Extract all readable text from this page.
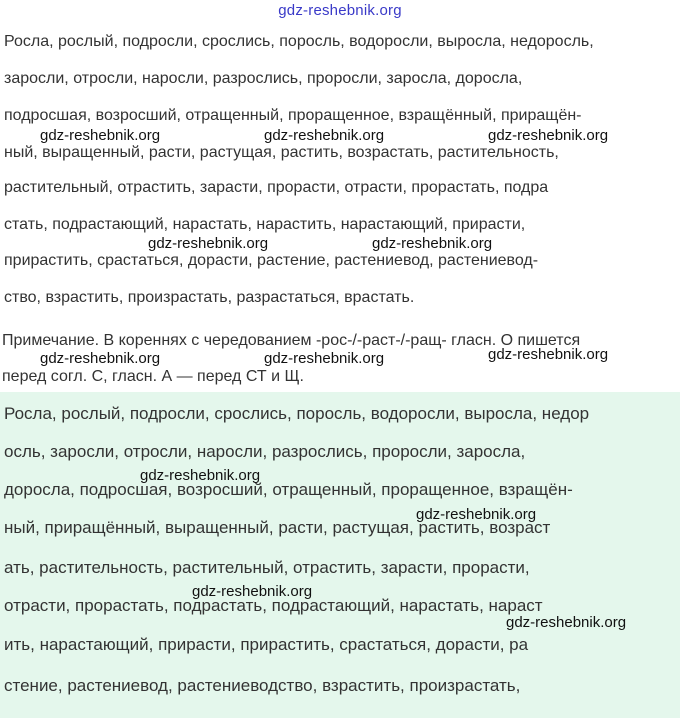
gdz-reshebnik.org
Росла, рослый, подросли, срослись, поросль, водоросли, выросла, недоросль,
заросли, отросли, наросли, разрослись, проросли, заросла, доросла,
подросшая, возросший, отращенный, проращенное, взращённый, приращён-
ный, выращенный, расти, растущая, растить, возрастать, растительность,
растительный, отрастить, зарасти, прорасти, отрасти, прорастать, подра
стать, подрастающий, нарастать, нарастить, нарастающий, прирасти,
прирастить, срастаться, дорасти, растение, растениевод, растениевод-
ство, взрастить, произрастать, разрастаться, врастать.
gdz-reshebnik.org	gdz-reshebnik.org	gdz-reshebnik.org
gdz-reshebnik.org	gdz-reshebnik.org
Примечание. В кореннях с чередованием -рос-/-раст-/-ращ- гласн. О пишется
перед согл. С, гласн. А — перед СТ и Щ.
gdz-reshebnik.org	gdz-reshebnik.org	gdz-reshebnik.org
Росла, рослый, подросли, срослись, поросль, водоросли, выросла, недор
осль, заросли, отросли, наросли, разрослись, проросли, заросла,
доросла, подросшая, возросший, отращенный, проращенное, взращён-
ный, приращённый, выращенный, расти, растущая, растить, возраст
ать, растительность, растительный, отрастить, зарасти, прорасти,
отрасти, прорастать, подрастать, подрастающий, нарастать, нараст
ить, нарастающий, прирасти, прирастить, срастаться, дорасти, ра
стение, растениевод, растениеводство, взрастить, произрастать,
gdz-reshebnik.org
gdz-reshebnik.org
gdz-reshebnik.org
gdz-reshebnik.org
